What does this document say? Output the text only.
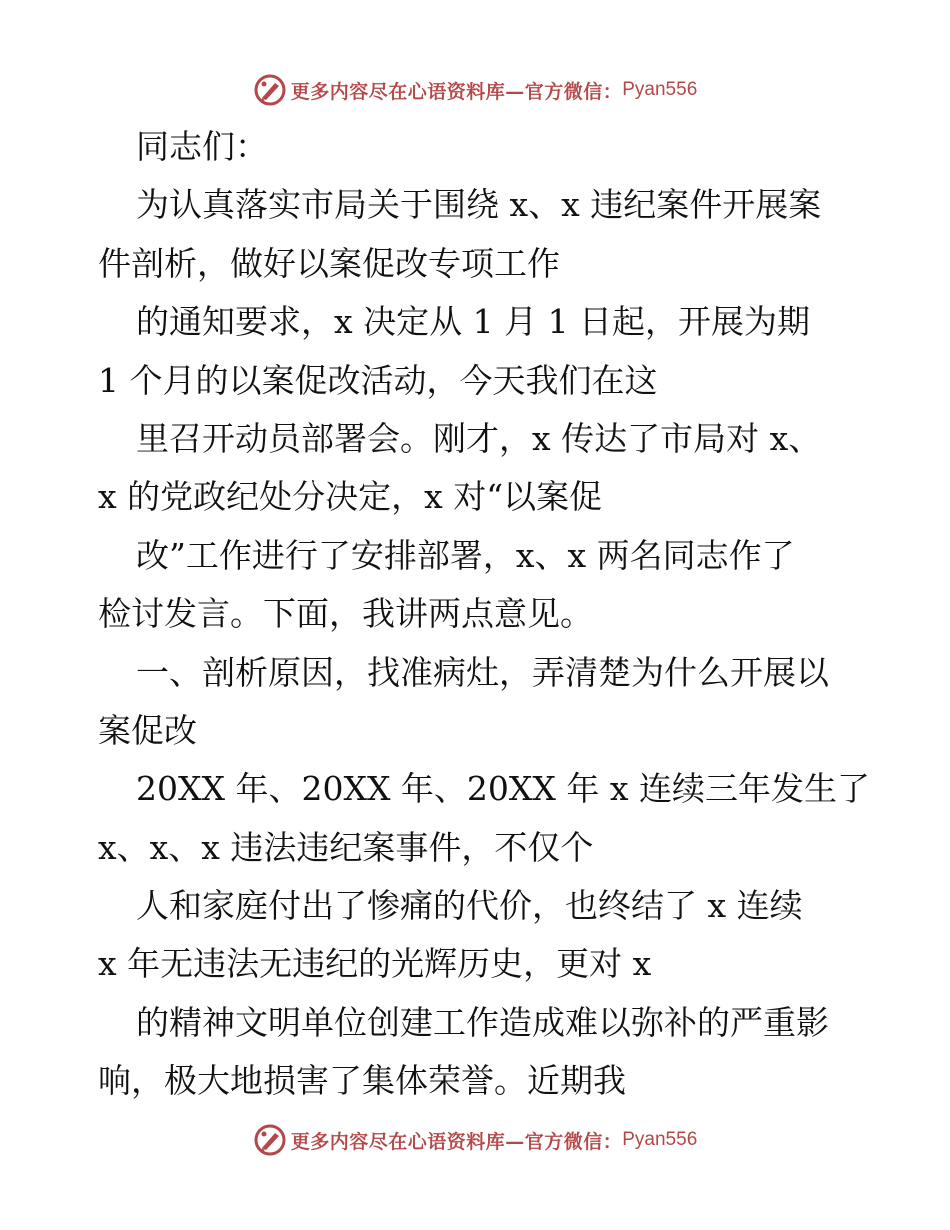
更多内容尽在心语资料库—官方微信： Pyan556
同志们：
为认真落实市局关于围绕 x、x 违纪案件开展案
件剖析，做好以案促改专项工作
的通知要求，x 决定从 1 月 1 日起，开展为期
1 个月的以案促改活动，今天我们在这
里召开动员部署会。刚才，x 传达了市局对 x、
x 的党政纪处分决定，x 对“以案促
改”工作进行了安排部署，x、x 两名同志作了
检讨发言。下面，我讲两点意见。
一、剖析原因，找准病灶，弄清楚为什么开展以
案促改
20XX 年、20XX 年、20XX 年 x 连续三年发生了
x、x、x 违法违纪案事件，不仅个
人和家庭付出了惨痛的代价，也终结了 x 连续
x 年无违法无违纪的光辉历史，更对 x
的精神文明单位创建工作造成难以弥补的严重影
响，极大地损害了集体荣誉。近期我
更多内容尽在心语资料库—官方微信： Pyan556
